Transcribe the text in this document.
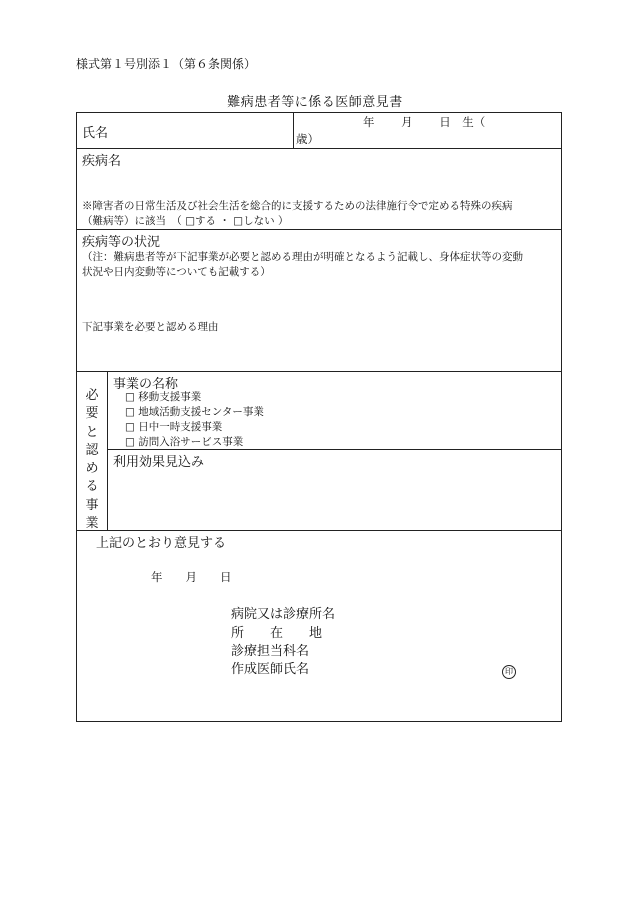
様式第１号別添１（第６条関係）
難病患者等に係る医師意見書
氏名
年　　 月　　 日　生（
歳）
疾病名
※障害者の日常生活及び社会生活を総合的に支援するための法律施行令で定める特殊の疾病
（難病等）に該当　（ □する ・ □しない ）
疾病等の状況
（注：難病患者等が下記事業が必要と認める理由が明確となるよう記載し、身体症状等の変動
状況や日内変動等についても記載する）
下記事業を必要と認める理由
必
要
と
認
め
る
事
業
事業の名称
□ 移動支援事業
□ 地域活動支援センター事業
□ 日中一時支援事業
□ 訪問入浴サービス事業
利用効果見込み
上記のとおり意見する
年　　月　　日
病院又は診療所名
所　　在　　地
診療担当科名
作成医師氏名	印
